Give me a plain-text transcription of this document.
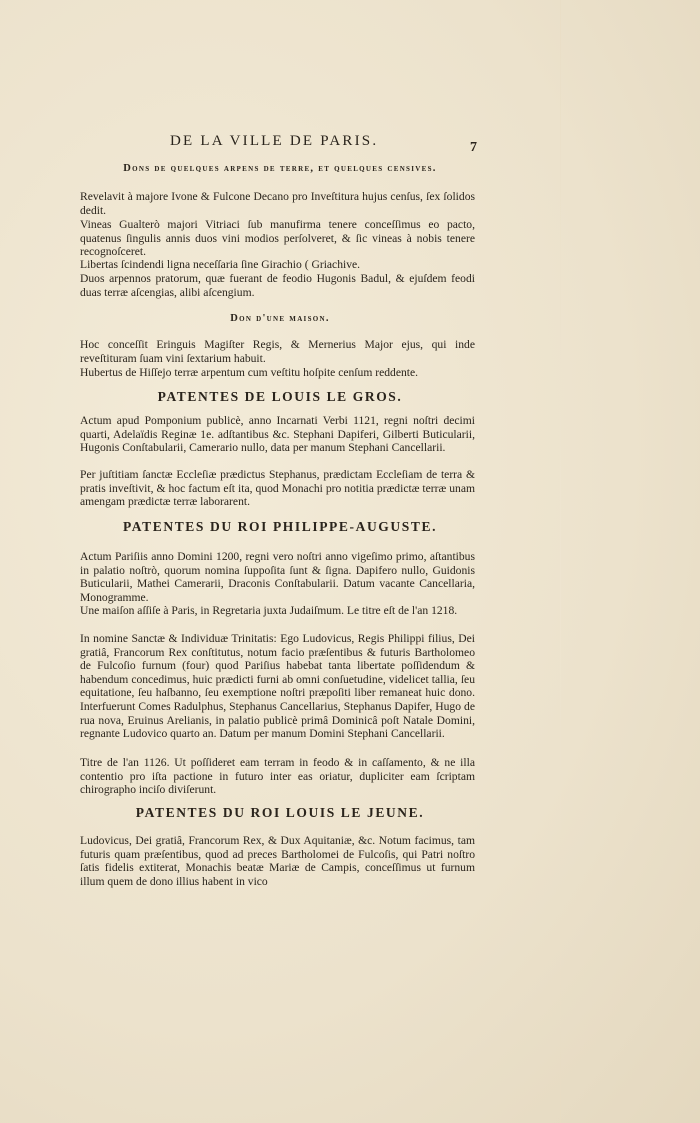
DE LA VILLE DE PARIS.	7
Dons de quelques arpens de terre, et quelques censives.

Revelavit à majore Ivone & Fulcone Decano pro Inveſtitura hujus cenſus, ſex ſolidos dedit.

Vineas Gualterò majori Vitriaci ſub manufirma tenere conceſſimus eo pacto, quatenus ſingulis annis duos vini modios perſolveret, & ſic vineas à nobis tenere recognoſceret.

Libertas ſcindendi ligna neceſſaria ſine Girachio ( Griachive.

Duos arpennos pratorum, quæ fuerant de feodio Hugonis Badul, & ejuſdem feodi duas terræ aſcengias, alibi aſcengium.

Don d'une maison.

Hoc conceſſit Eringuis Magiſter Regis, & Mernerius Major ejus, qui inde reveſtituram ſuam vini ſextarium habuit.

Hubertus de Hiſſejo terræ arpentum cum veſtitu hoſpite cenſum reddente.

PATENTES DE LOUIS LE GROS.

Actum apud Pomponium publicè, anno Incarnati Verbi 1121, regni noſtri decimi quarti, Adelaïdis Reginæ 1e. adſtantibus &c. Stephani Dapiferi, Gilberti Buticularii, Hugonis Conſtabularii, Camerario nullo, data per manum Stephani Cancellarii.

Per juſtitiam ſanctæ Eccleſiæ prædictus Stephanus, prædictam Eccleſiam de terra & pratis inveſtivit, & hoc factum eſt ita, quod Monachi pro notitia prædictæ terræ unam amengam prædictæ terræ laborarent.

PATENTES DU ROI PHILIPPE-AUGUSTE.

Actum Pariſiis anno Domini 1200, regni vero noſtri anno vigeſimo primo, aſtantibus in palatio noſtrò, quorum nomina ſuppoſita ſunt & ſigna. Dapifero nullo, Guidonis Buticularii, Mathei Camerarii, Draconis Conſtabularii. Datum vacante Cancellaria, Monogramme.

Une maiſon aſſiſe à Paris, in Regretaria juxta Judaiſmum. Le titre eſt de l'an 1218.

In nomine Sanctæ & Individuæ Trinitatis: Ego Ludovicus, Regis Philippi filius, Dei gratiâ, Francorum Rex conſtitutus, notum facio præſentibus & futuris Bartholomeo de Fulcoſio furnum (four) quod Pariſius habebat tanta libertate poſſidendum & habendum concedimus, huic prædicti furni ab omni conſuetudine, videlicet tallia, ſeu equitatione, ſeu haſbanno, ſeu exemptione noſtri præpoſiti liber remaneat huic dono. Interfuerunt Comes Radulphus, Stephanus Cancellarius, Stephanus Dapifer, Hugo de rua nova, Eruinus Arelianis, in palatio publicè primâ Dominicâ poſt Natale Domini, regnante Ludovico quarto an. Datum per manum Domini Stephani Cancellarii.

Titre de l'an 1126. Ut poſſideret eam terram in feodo & in caſſamento, & ne illa contentio pro iſta pactione in futuro inter eas oriatur, dupliciter eam ſcriptam chirographo inciſo diviſerunt.

PATENTES DU ROI LOUIS LE JEUNE.

Ludovicus, Dei gratiâ, Francorum Rex, & Dux Aquitaniæ, &c. Notum facimus, tam futuris quam præſentibus, quod ad preces Bartholomei de Fulcoſis, qui Patri noſtro ſatis fidelis extiterat, Monachis beatæ Mariæ de Campis, conceſſimus ut furnum illum quem de dono illius habent in vico
